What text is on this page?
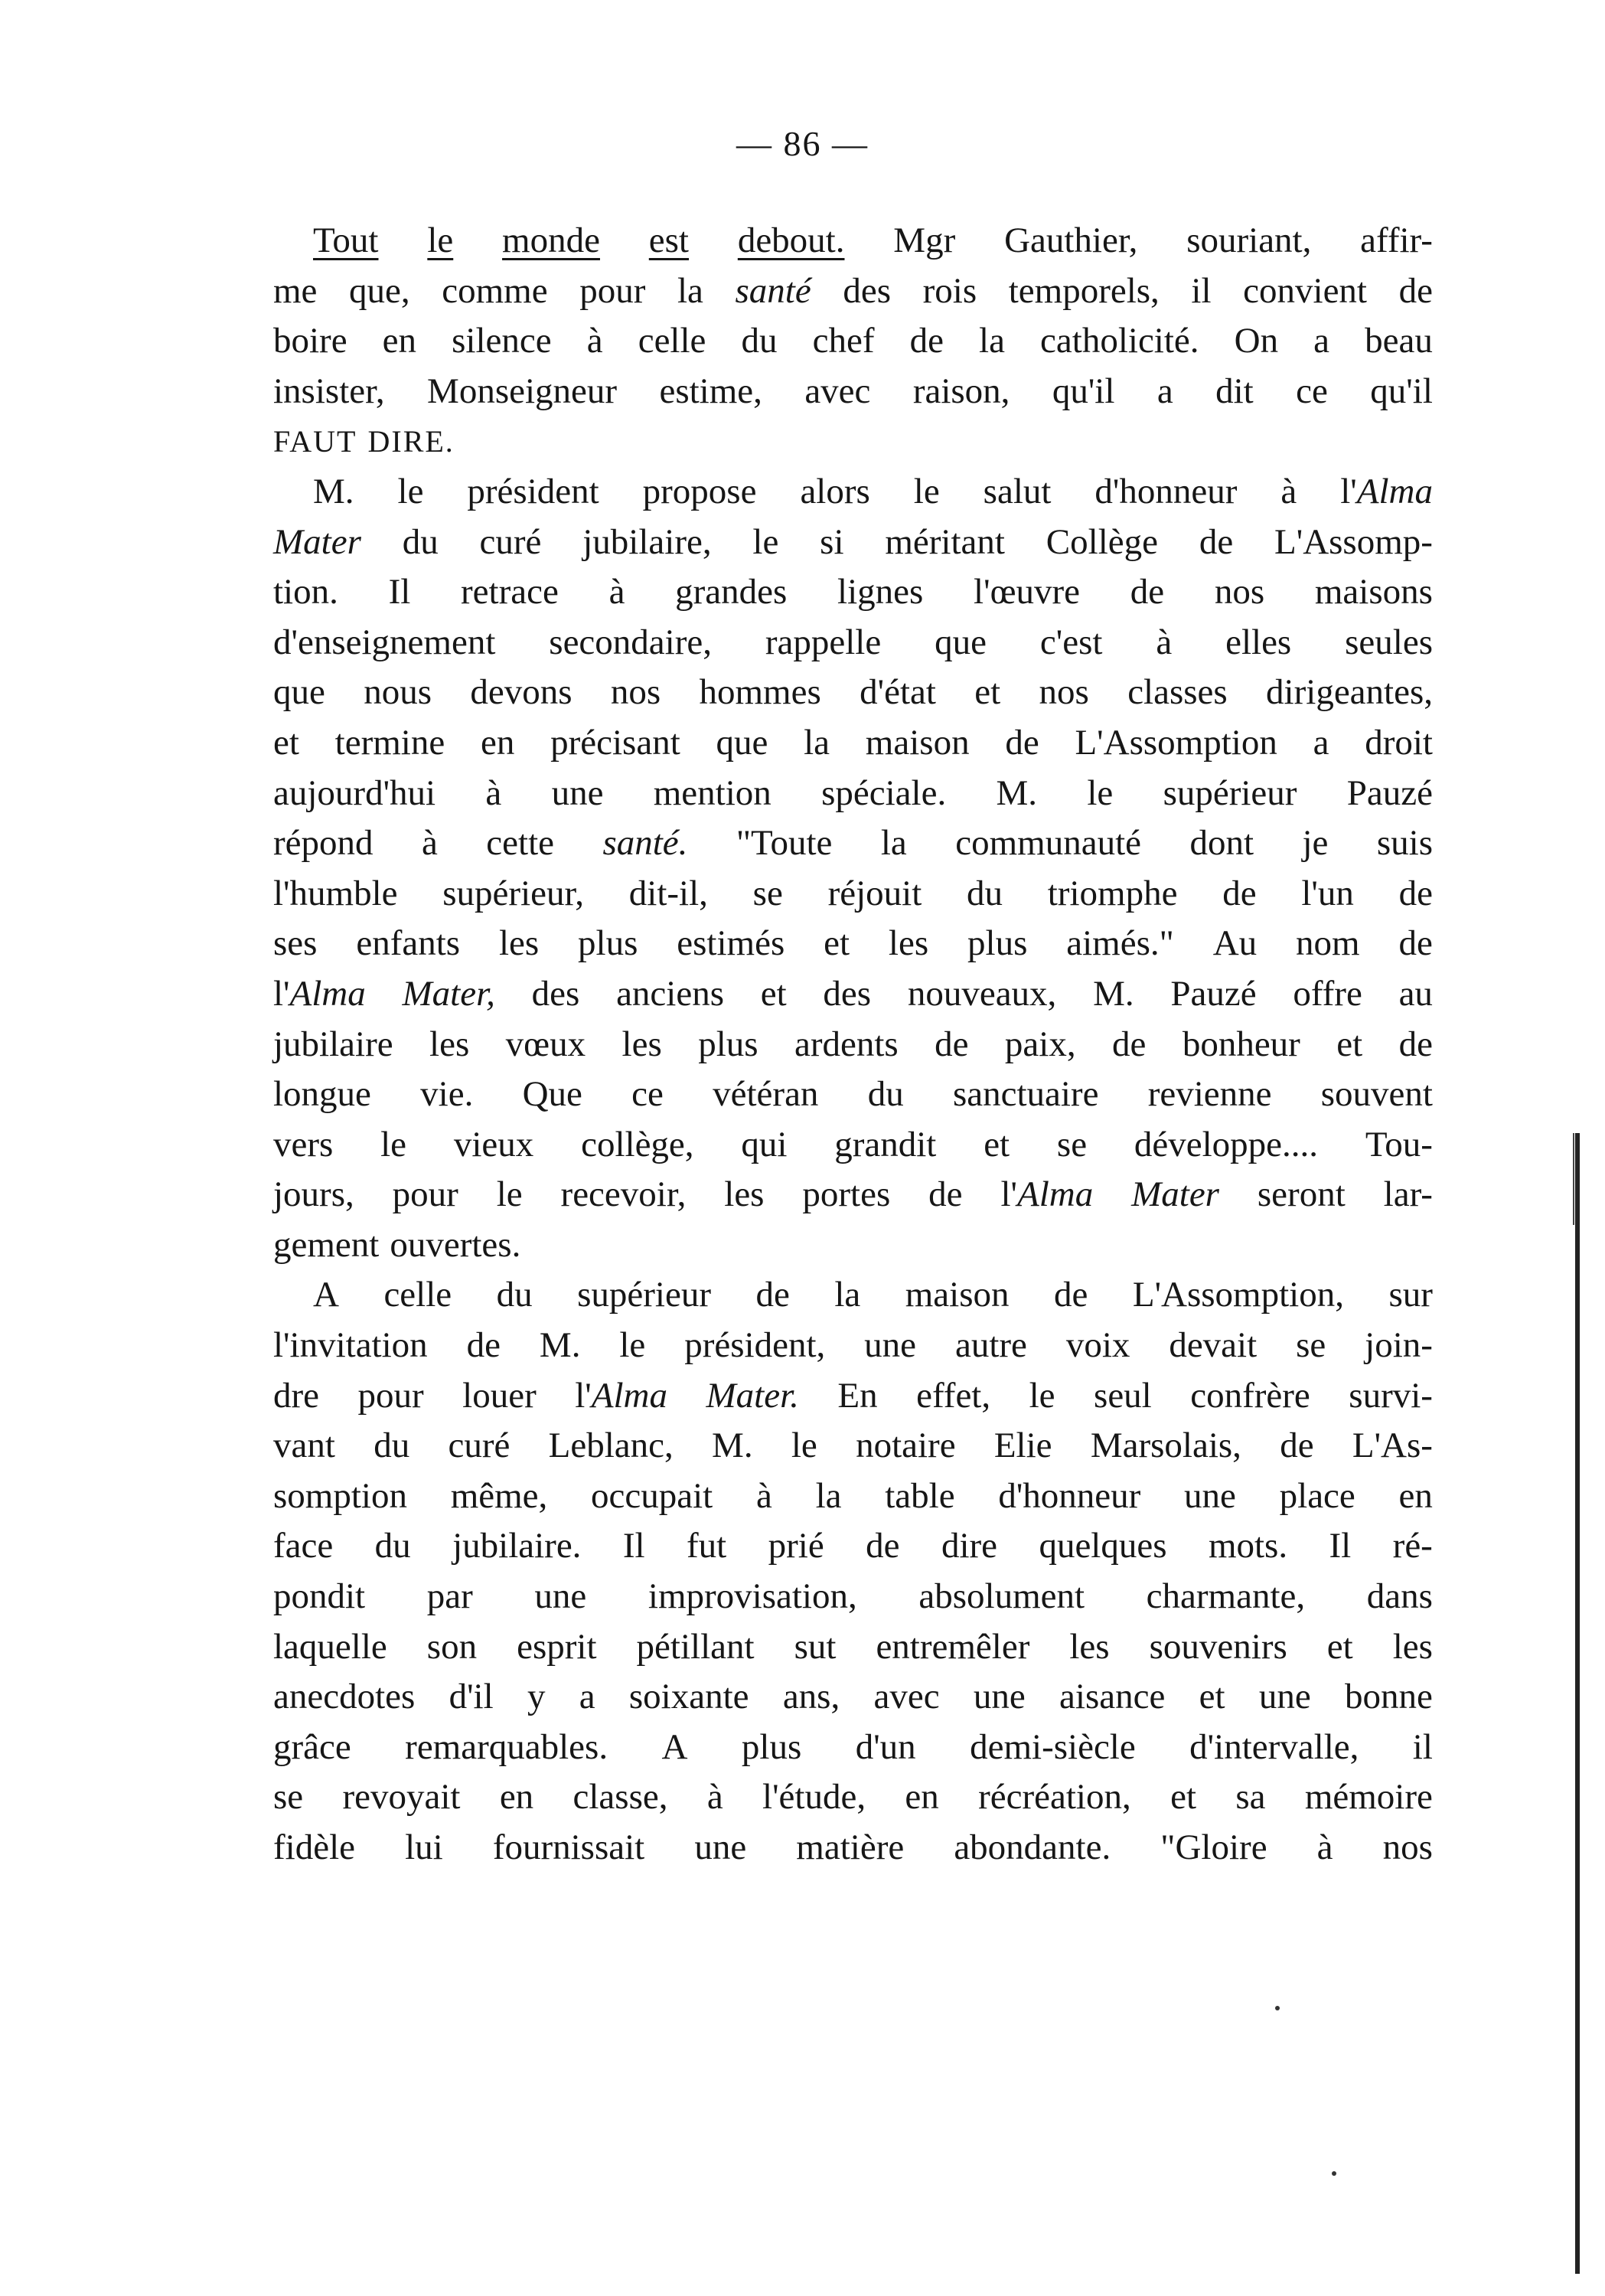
— 86 —
Tout le monde est debout. Mgr Gauthier, souriant, affir-
me que, comme pour la santé des rois temporels, il convient de
boire en silence à celle du chef de la catholicité. On a beau
insister, Monseigneur estime, avec raison, qu'il a dit ce qu'il
FAUT DIRE.
M. le président propose alors le salut d'honneur à l'Alma
Mater du curé jubilaire, le si méritant Collège de L'Assomp-
tion. Il retrace à grandes lignes l'œuvre de nos maisons
d'enseignement secondaire, rappelle que c'est à elles seules
que nous devons nos hommes d'état et nos classes dirigeantes,
et termine en précisant que la maison de L'Assomption a droit
aujourd'hui à une mention spéciale. M. le supérieur Pauzé
répond à cette santé. "Toute la communauté dont je suis
l'humble supérieur, dit-il, se réjouit du triomphe de l'un de
ses enfants les plus estimés et les plus aimés." Au nom de
l'Alma Mater, des anciens et des nouveaux, M. Pauzé offre au
jubilaire les vœux les plus ardents de paix, de bonheur et de
longue vie. Que ce vétéran du sanctuaire revienne souvent
vers le vieux collège, qui grandit et se développe.... Tou-
jours, pour le recevoir, les portes de l'Alma Mater seront lar-
gement ouvertes.
A celle du supérieur de la maison de L'Assomption, sur
l'invitation de M. le président, une autre voix devait se join-
dre pour louer l'Alma Mater. En effet, le seul confrère survi-
vant du curé Leblanc, M. le notaire Elie Marsolais, de L'As-
somption même, occupait à la table d'honneur une place en
face du jubilaire. Il fut prié de dire quelques mots. Il ré-
pondit par une improvisation, absolument charmante, dans
laquelle son esprit pétillant sut entremêler les souvenirs et les
anecdotes d'il y a soixante ans, avec une aisance et une bonne
grâce remarquables. A plus d'un demi-siècle d'intervalle, il
se revoyait en classe, à l'étude, en récréation, et sa mémoire
fidèle lui fournissait une matière abondante. "Gloire à nos
